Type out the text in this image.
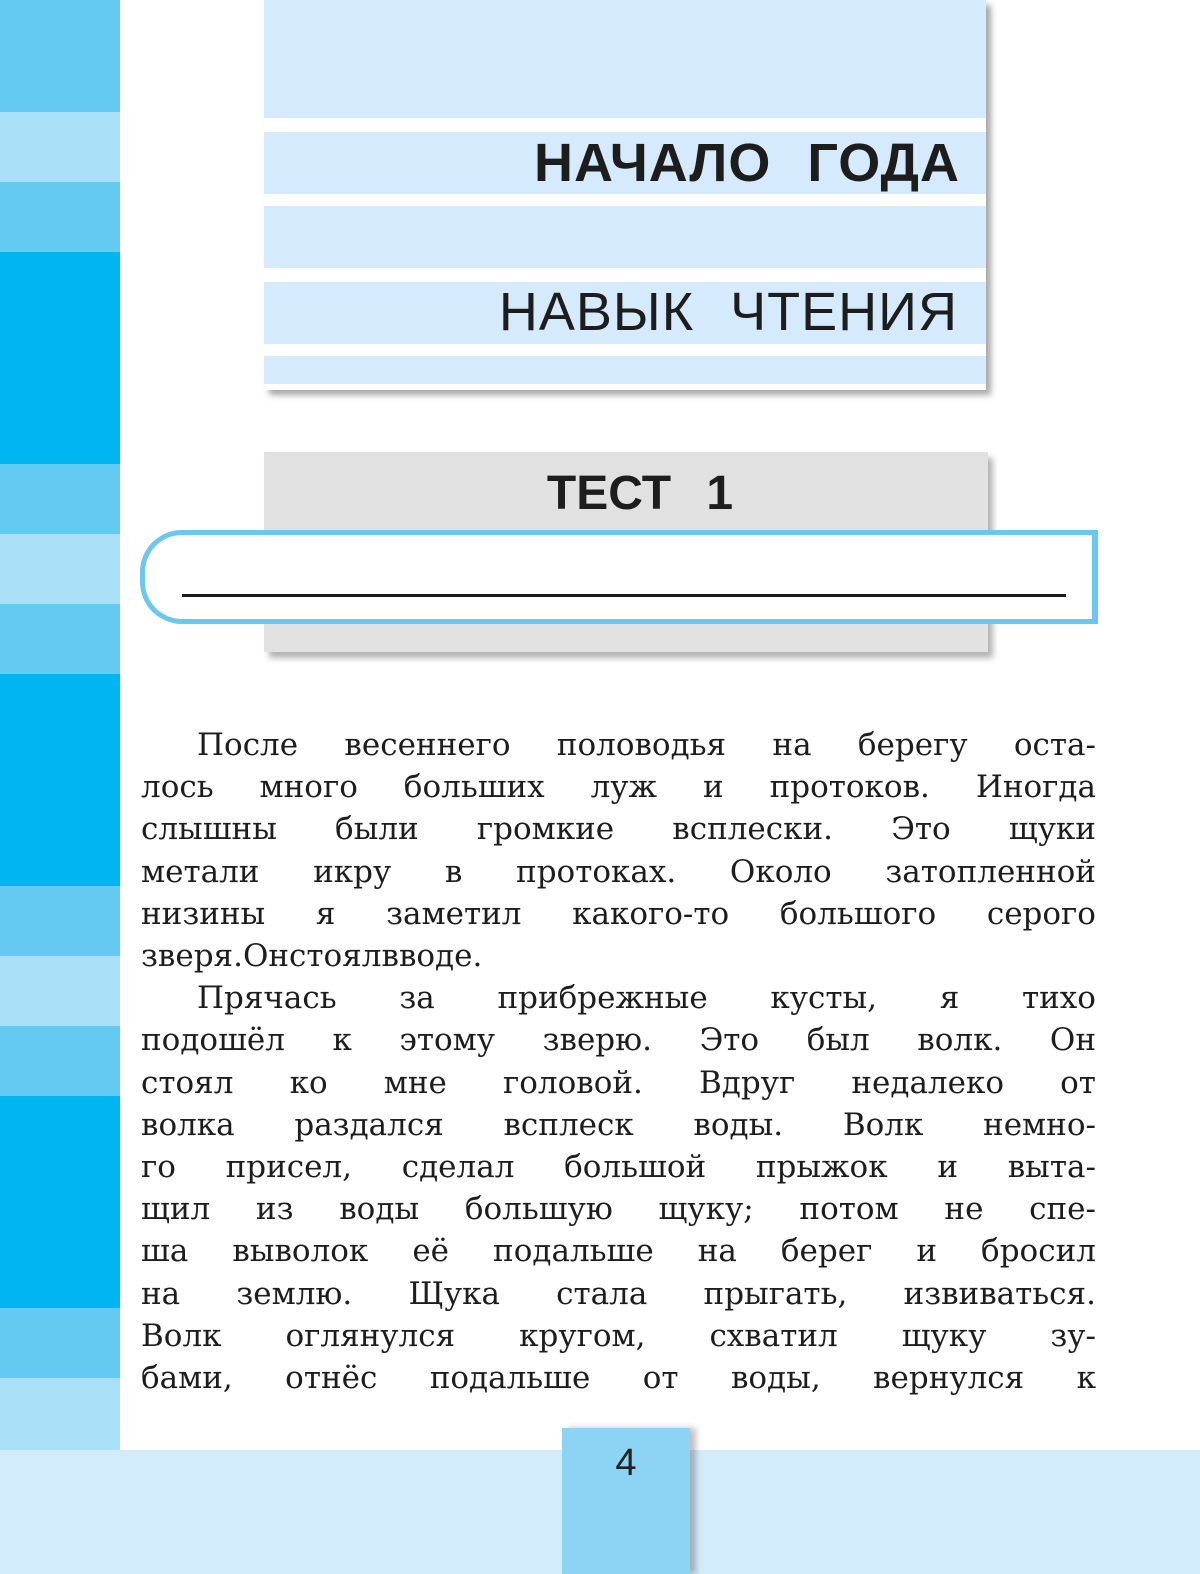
4
НАЧАЛО ГОДА
НАВЫК ЧТЕНИЯ
ТЕСТ 1

После весеннего половодья на берегу оста-
лось много больших луж и протоков. Иногда
слышны были громкие всплески. Это щуки
метали икру в протоках. Около затопленной
низины я заметил какого-то большого серого
зверя. Он стоял в воде.

Прячась за прибрежные кусты, я тихо
подошёл к этому зверю. Это был волк. Он
стоял ко мне головой. Вдруг недалеко от
волка раздался всплеск воды. Волк немно-
го присел, сделал большой прыжок и выта-
щил из воды большую щуку; потом не спе-
ша выволок её подальше на берег и бросил
на землю. Щука стала прыгать, извиваться.
Волк оглянулся кругом, схватил щуку зу-
бами, отнёс подальше от воды, вернулся к
